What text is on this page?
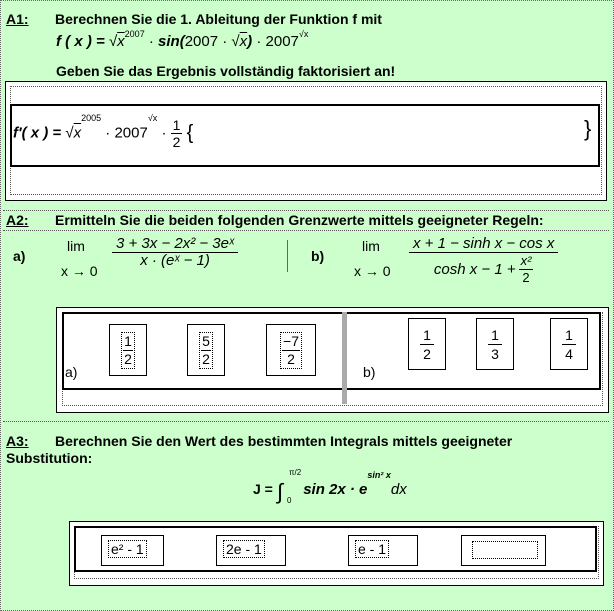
A1: Berechnen Sie die 1. Ableitung der Funktion f mit
f ( x ) = $√x^{2007} \cdot \sin(2007 \cdot √x) \cdot 2007^{√x}$
Geben Sie das Ergebnis vollständig faktorisiert an!
f′( x ) = $√x^{2005} \cdot 2007^{√x} \cdot \frac{1}{2}$ {	}
A2: Ermitteln Sie die beiden folgenden Grenzwerte mittels geeigneter Regeln:
a)
lim
x → 0
$\frac{\text{3 + 3x − 2x² − 3eˣ}}{\text{x · (eˣ − 1)}}$	b)
lim
$x \to 0 \frac{\text{x + 1 − sinh x − cos x}}{\cosh x - 1 + \frac{\text{x²}}{2}}$
a)	b)
$\frac{1}{2}$	$\frac{5}{2}$	$\frac{-7}{2}$	$\frac{1}{2}$	$\frac{1}{3}$	$\frac{1}{4}$
A3: Berechnen Sie den Wert des bestimmten Integrals mittels geeigneter
Substitution:
J = ∫
π/2
0
$\sin 2x \cdot e^{sin^2 x}dx$
e² - 1	2e - 1	e - 1
